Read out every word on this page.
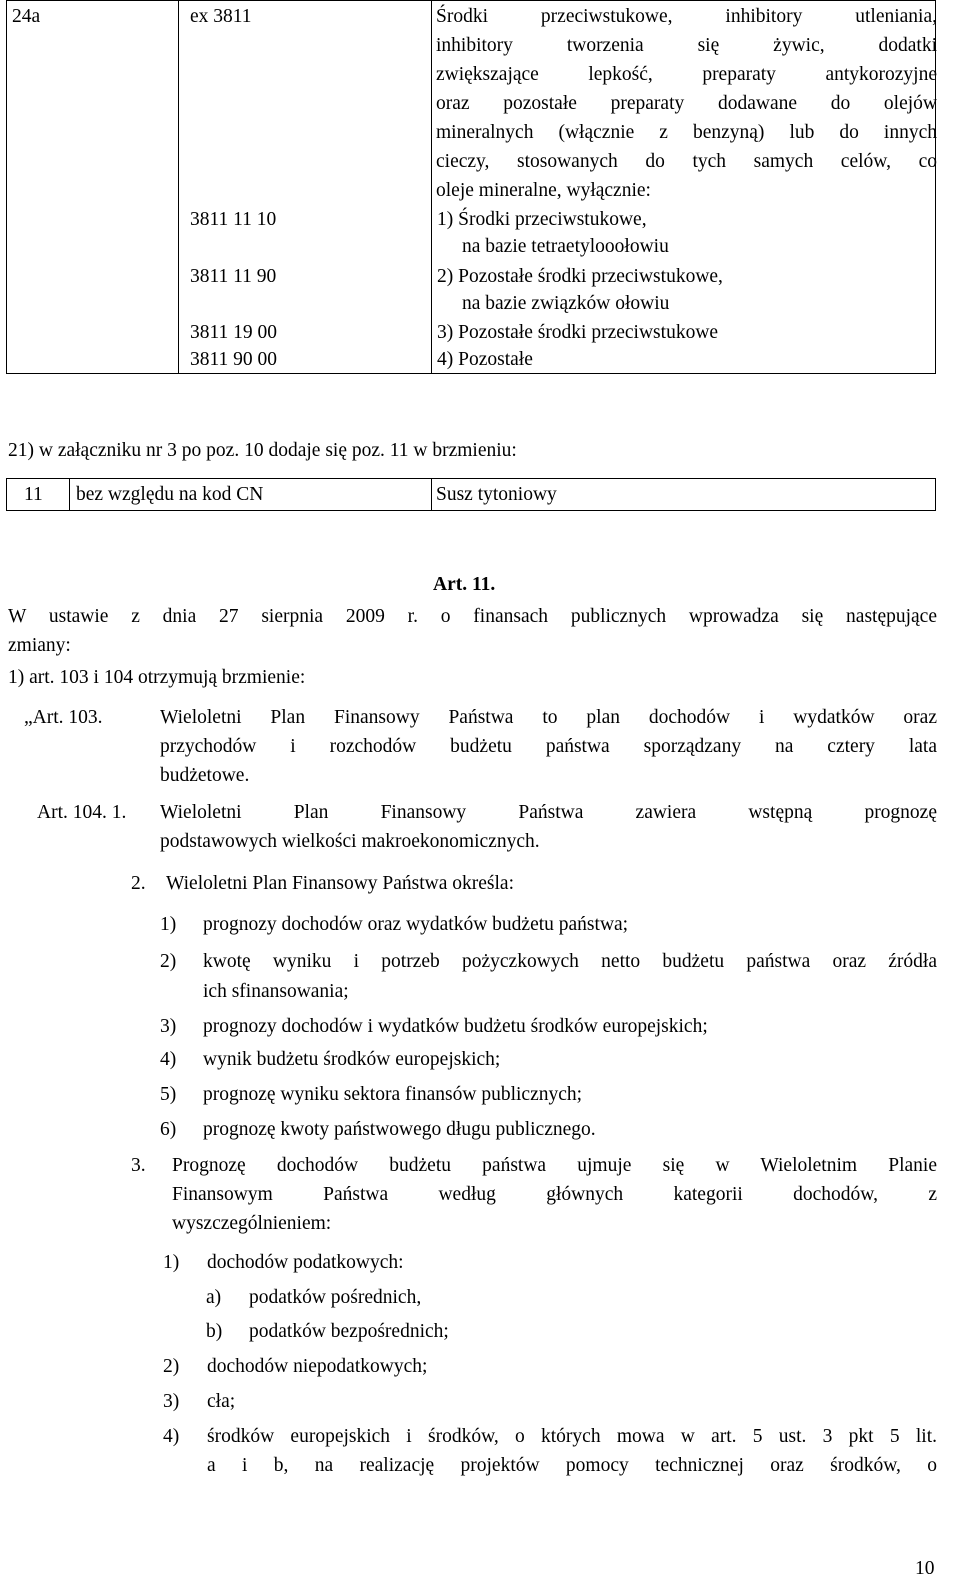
24a	ex 3811	Środki przeciwstukowe, inhibitory utleniania,
inhibitory tworzenia się żywic, dodatki
zwiększające lepkość, preparaty antykorozyjne
oraz pozostałe preparaty dodawane do olejów
mineralnych (włącznie z benzyną) lub do innych
cieczy, stosowanych do tych samych celów, co
oleje mineralne, wyłącznie:
3811 11 10	1) Środki przeciwstukowe,
na bazie tetraetylooołowiu
3811 11 90	2) Pozostałe środki przeciwstukowe,
na bazie związków ołowiu
3811 19 00	3) Pozostałe środki przeciwstukowe
3811 90 00	4) Pozostałe
21) w załączniku nr 3 po poz. 10 dodaje się poz. 11 w brzmieniu:
11 bez względu na kod CN	Susz tytoniowy
Art. 11.
W ustawie z dnia 27 sierpnia 2009 r. o finansach publicznych wprowadza się następujące
zmiany:
1) art. 103 i 104 otrzymują brzmienie:
„Art. 103.	Wieloletni Plan Finansowy Państwa to plan dochodów i wydatków oraz
przychodów i rozchodów budżetu państwa sporządzany na cztery lata
budżetowe.
Art. 104. 1. Wieloletni Plan Finansowy Państwa zawiera wstępną prognozę
podstawowych wielkości makroekonomicznych.
2. Wieloletni Plan Finansowy Państwa określa:
1) prognozy dochodów oraz wydatków budżetu państwa;
2) kwotę wyniku i potrzeb pożyczkowych netto budżetu państwa oraz źródła
ich sfinansowania;
3) prognozy dochodów i wydatków budżetu środków europejskich;
4) wynik budżetu środków europejskich;
5) prognozę wyniku sektora finansów publicznych;
6) prognozę kwoty państwowego długu publicznego.
3. Prognozę dochodów budżetu państwa ujmuje się w Wieloletnim Planie
Finansowym Państwa według głównych kategorii dochodów, z
wyszczególnieniem:
1) dochodów podatkowych:
a) podatków pośrednich,
b) podatków bezpośrednich;
2) dochodów niepodatkowych;
3) cła;
4) środków europejskich i środków, o których mowa w art. 5 ust. 3 pkt 5 lit.
a i b, na realizację projektów pomocy technicznej oraz środków, o
10
